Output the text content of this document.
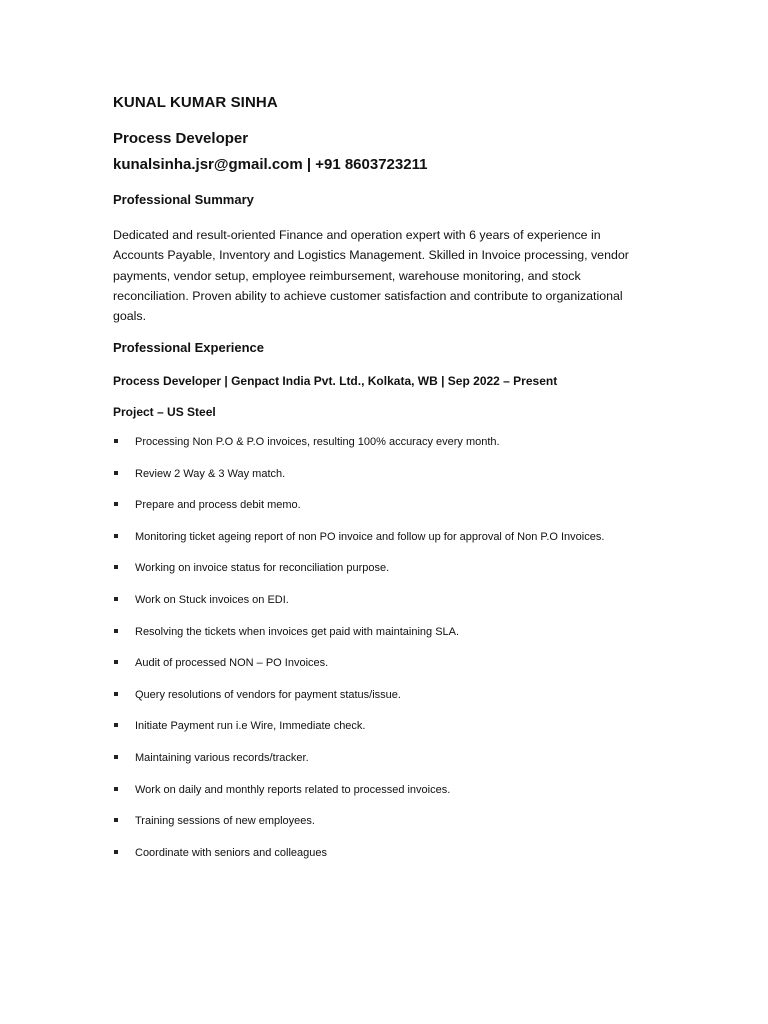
KUNAL KUMAR SINHA
Process Developer
kunalsinha.jsr@gmail.com | +91 8603723211
Professional Summary
Dedicated and result-oriented Finance and operation expert with 6 years of experience in Accounts Payable, Inventory and Logistics Management. Skilled in Invoice processing, vendor payments, vendor setup, employee reimbursement, warehouse monitoring, and stock reconciliation. Proven ability to achieve customer satisfaction and contribute to organizational goals.
Professional Experience
Process Developer | Genpact India Pvt. Ltd., Kolkata, WB | Sep 2022 – Present
Project – US Steel
Processing Non P.O & P.O invoices, resulting 100% accuracy every month.
Review 2 Way & 3 Way match.
Prepare and process debit memo.
Monitoring ticket ageing report of non PO invoice and follow up for approval of Non P.O Invoices.
Working on invoice status for reconciliation purpose.
Work on Stuck invoices on EDI.
Resolving the tickets when invoices get paid with maintaining SLA.
Audit of processed NON – PO Invoices.
Query resolutions of vendors for payment status/issue.
Initiate Payment run i.e Wire, Immediate check.
Maintaining various records/tracker.
Work on daily and monthly reports related to processed invoices.
Training sessions of new employees.
Coordinate with seniors and colleagues
